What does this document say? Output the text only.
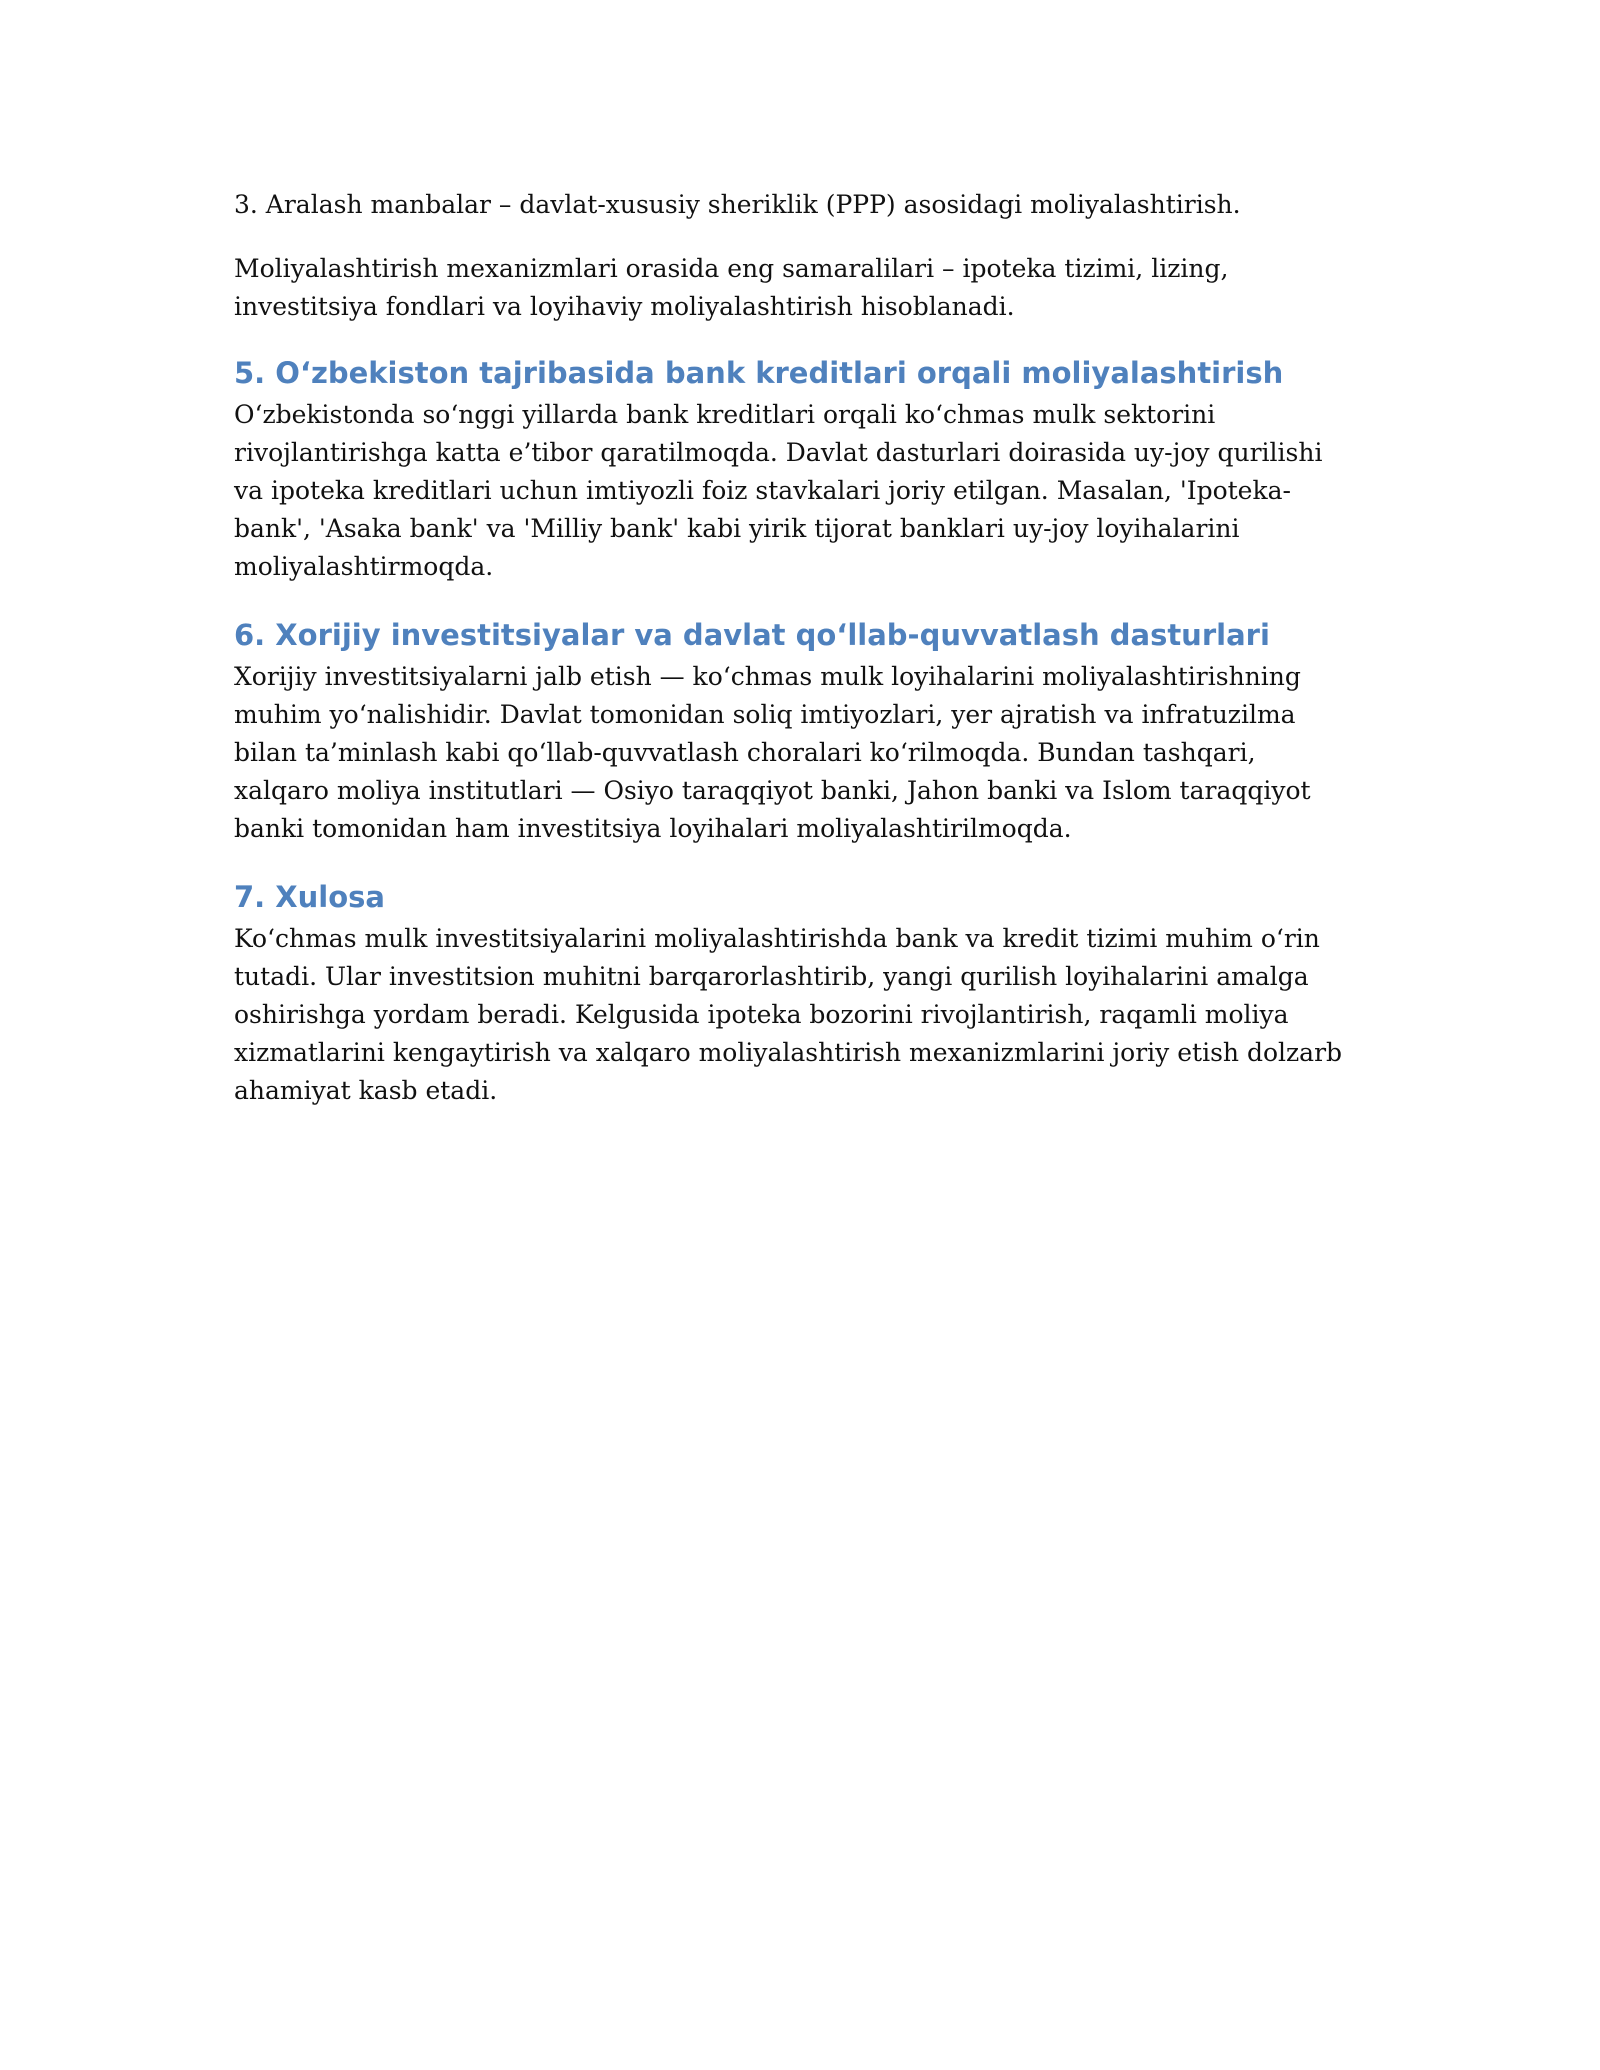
3. Aralash manbalar – davlat-xususiy sheriklik (PPP) asosidagi moliyalashtirish.

Moliyalashtirish mexanizmlari orasida eng samaralilari – ipoteka tizimi, lizing, investitsiya fondlari va loyihaviy moliyalashtirish hisoblanadi.

5. O‘zbekiston tajribasida bank kreditlari orqali moliyalashtirish

O‘zbekistonda so‘nggi yillarda bank kreditlari orqali ko‘chmas mulk sektorini rivojlantirishga katta e’tibor qaratilmoqda. Davlat dasturlari doirasida uy-joy qurilishi va ipoteka kreditlari uchun imtiyozli foiz stavkalari joriy etilgan. Masalan, 'Ipoteka-bank', 'Asaka bank' va 'Milliy bank' kabi yirik tijorat banklari uy-joy loyihalarini moliyalashtirmoqda.

6. Xorijiy investitsiyalar va davlat qo‘llab-quvvatlash dasturlari

Xorijiy investitsiyalarni jalb etish — ko‘chmas mulk loyihalarini moliyalashtirishning muhim yo‘nalishidir. Davlat tomonidan soliq imtiyozlari, yer ajratish va infratuzilma bilan ta’minlash kabi qo‘llab-quvvatlash choralari ko‘rilmoqda. Bundan tashqari, xalqaro moliya institutlari — Osiyo taraqqiyot banki, Jahon banki va Islom taraqqiyot banki tomonidan ham investitsiya loyihalari moliyalashtirilmoqda.

7. Xulosa

Ko‘chmas mulk investitsiyalarini moliyalashtirishda bank va kredit tizimi muhim o‘rin tutadi. Ular investitsion muhitni barqarorlashtirib, yangi qurilish loyihalarini amalga oshirishga yordam beradi. Kelgusida ipoteka bozorini rivojlantirish, raqamli moliya xizmatlarini kengaytirish va xalqaro moliyalashtirish mexanizmlarini joriy etish dolzarb ahamiyat kasb etadi.
